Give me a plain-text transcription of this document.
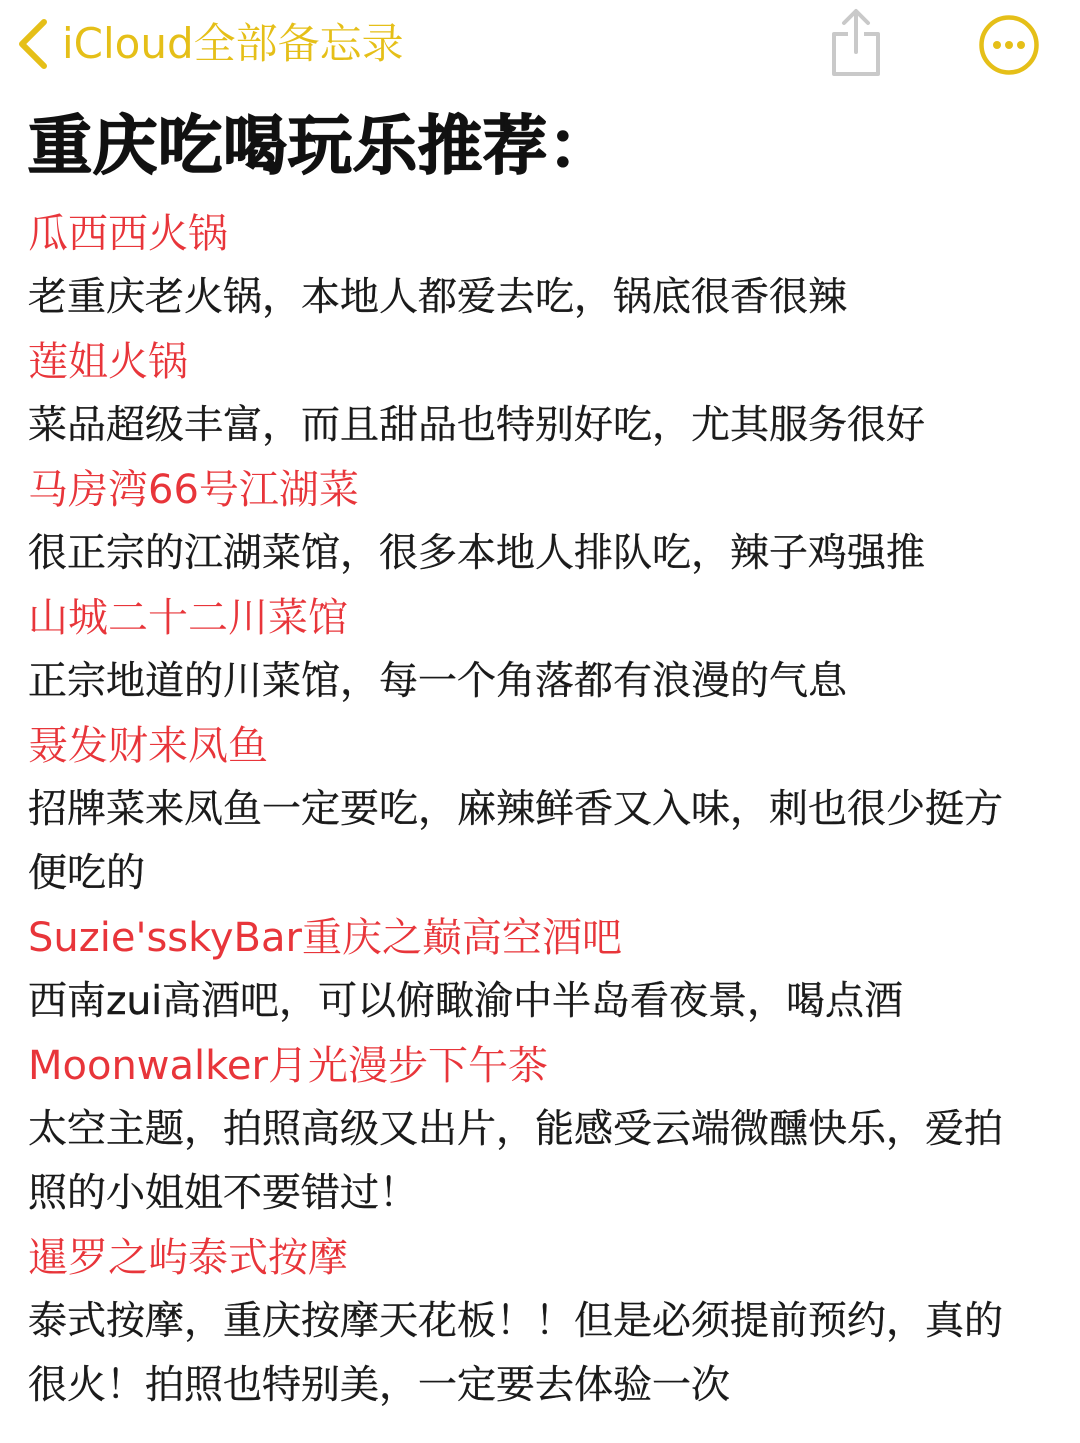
iCloud全部备忘录
重庆吃喝玩乐推荐：
瓜西西火锅
老重庆老火锅，本地人都爱去吃，锅底很香很辣
莲姐火锅
菜品超级丰富，而且甜品也特别好吃，尤其服务很好
马房湾66号江湖菜
很正宗的江湖菜馆，很多本地人排队吃，辣子鸡强推
山城二十二川菜馆
正宗地道的川菜馆，每一个角落都有浪漫的气息
聂发财来凤鱼
招牌菜来凤鱼一定要吃，麻辣鲜香又入味，刺也很少挺方便吃的
Suzie'sskyBar重庆之巅高空酒吧
西南zui高酒吧，可以俯瞰渝中半岛看夜景，喝点酒
Moonwalker月光漫步下午茶
太空主题，拍照高级又出片，能感受云端微醺快乐，爱拍照的小姐姐不要错过！
暹罗之屿泰式按摩
泰式按摩，重庆按摩天花板！！但是必须提前预约，真的很火！拍照也特别美，一定要去体验一次
